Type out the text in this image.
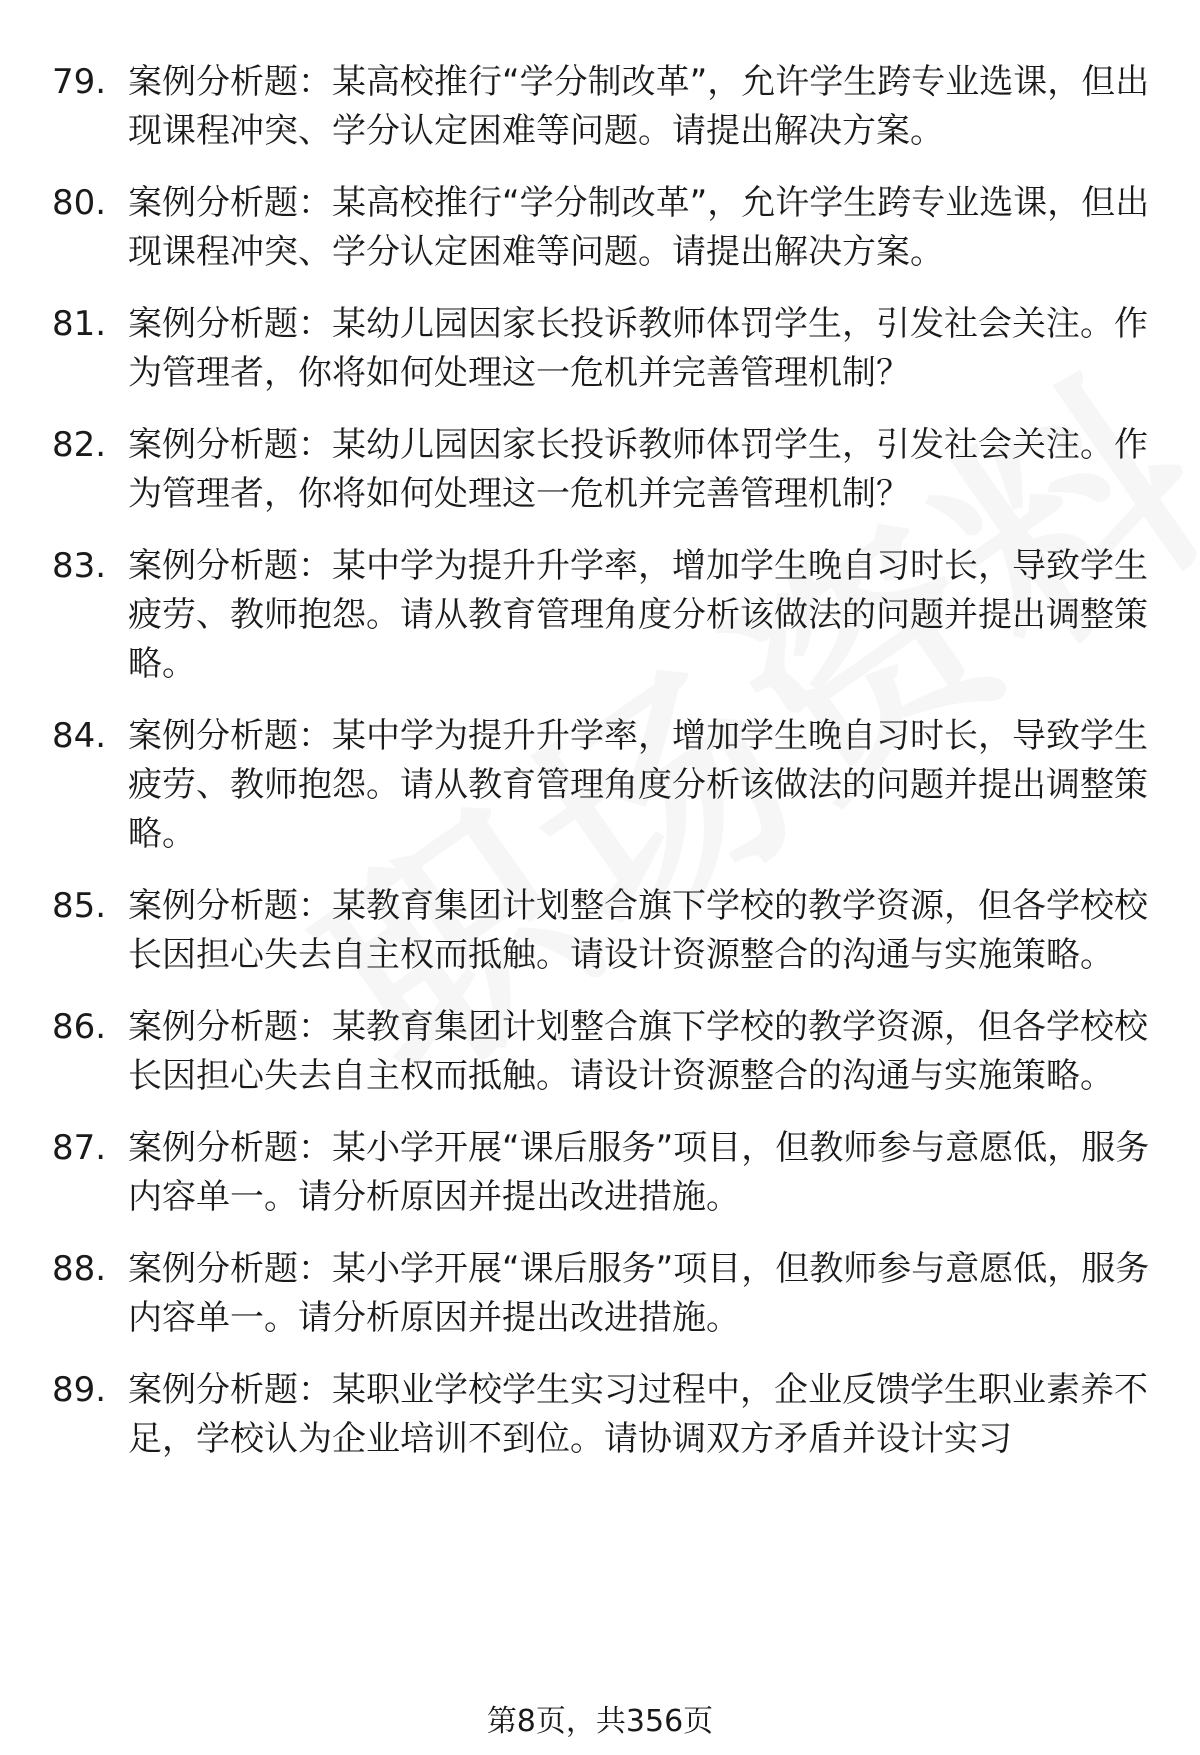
79. 案例分析题：某高校推行“学分制改革”，允许学生跨专业选课，但出现课程冲突、学分认定困难等问题。请提出解决方案。
80. 案例分析题：某高校推行“学分制改革”，允许学生跨专业选课，但出现课程冲突、学分认定困难等问题。请提出解决方案。
81. 案例分析题：某幼儿园因家长投诉教师体罚学生，引发社会关注。作为管理者，你将如何处理这一危机并完善管理机制？
82. 案例分析题：某幼儿园因家长投诉教师体罚学生，引发社会关注。作为管理者，你将如何处理这一危机并完善管理机制？
83. 案例分析题：某中学为提升升学率，增加学生晚自习时长，导致学生疲劳、教师抱怨。请从教育管理角度分析该做法的问题并提出调整策略。
84. 案例分析题：某中学为提升升学率，增加学生晚自习时长，导致学生疲劳、教师抱怨。请从教育管理角度分析该做法的问题并提出调整策略。
85. 案例分析题：某教育集团计划整合旗下学校的教学资源，但各学校校长因担心失去自主权而抵触。请设计资源整合的沟通与实施策略。
86. 案例分析题：某教育集团计划整合旗下学校的教学资源，但各学校校长因担心失去自主权而抵触。请设计资源整合的沟通与实施策略。
87. 案例分析题：某小学开展“课后服务”项目，但教师参与意愿低，服务内容单一。请分析原因并提出改进措施。
88. 案例分析题：某小学开展“课后服务”项目，但教师参与意愿低，服务内容单一。请分析原因并提出改进措施。
89. 案例分析题：某职业学校学生实习过程中，企业反馈学生职业素养不足，学校认为企业培训不到位。请协调双方矛盾并设计实习
第8页，共356页
